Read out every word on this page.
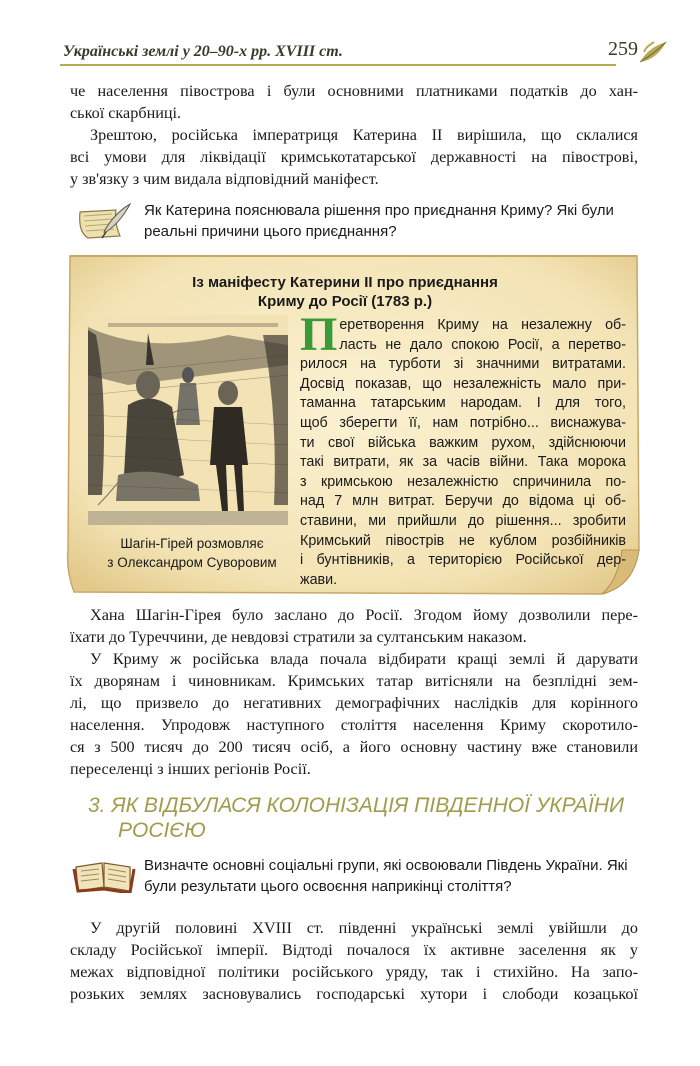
Українські землі у 20–90-х рр. XVIII ст.	259
че населення півострова і були основними платниками податків до хан-
ської скарбниці.
Зрештою, російська імператриця Катерина II вирішила, що склалися
всі умови для ліквідації кримськотатарської державності на півострові,
у зв'язку з чим видала відповідний маніфест.
Як Катерина пояснювала рішення про приєднання Криму? Які були
реальні причини цього приєднання?
Із маніфесту Катерини II про приєднання
Криму до Росії (1783 р.)
Шагін-Гірей розмовляє
з Олександром Суворовим
П еретворення Криму на незалежну об-
ласть не дало спокою Росії, а перетво-
рилося на турботи зі значними витратами.
Досвід показав, що незалежність мало при-
таманна татарським народам. І для того,
щоб зберегти її, нам потрібно... виснажува-
ти свої війська важким рухом, здійснюючи
такі витрати, як за часів війни. Така морока
з кримською незалежністю спричинила по-
над 7 млн витрат. Беручи до відома ці об-
ставини, ми прийшли до рішення... зробити
Кримський півострів не кублом розбійників
і бунтівників, а територією Російської дер-
жави.
Хана Шагін-Гірея було заслано до Росії. Згодом йому дозволили пере-
їхати до Туреччини, де невдовзі стратили за султанським наказом.
У Криму ж російська влада почала відбирати кращі землі й дарувати
їх дворянам і чиновникам. Кримських татар витісняли на безплідні зем-
лі, що призвело до негативних демографічних наслідків для корінного
населення. Упродовж наступного століття населення Криму скоротило-
ся з 500 тисяч до 200 тисяч осіб, а його основну частину вже становили
переселенці з інших регіонів Росії.
3. ЯК ВІДБУЛАСЯ КОЛОНІЗАЦІЯ ПІВДЕННОЇ УКРАЇНИ
РОСІЄЮ
Визначте основні соціальні групи, які освоювали Південь України. Які
були результати цього освоєння наприкінці століття?
У другій половині XVIII ст. південні українські землі увійшли до
складу Російської імперії. Відтоді почалося їх активне заселення як у
межах відповідної політики російського уряду, так і стихійно. На запо-
розьких землях засновувались господарські хутори і слободи козацької
